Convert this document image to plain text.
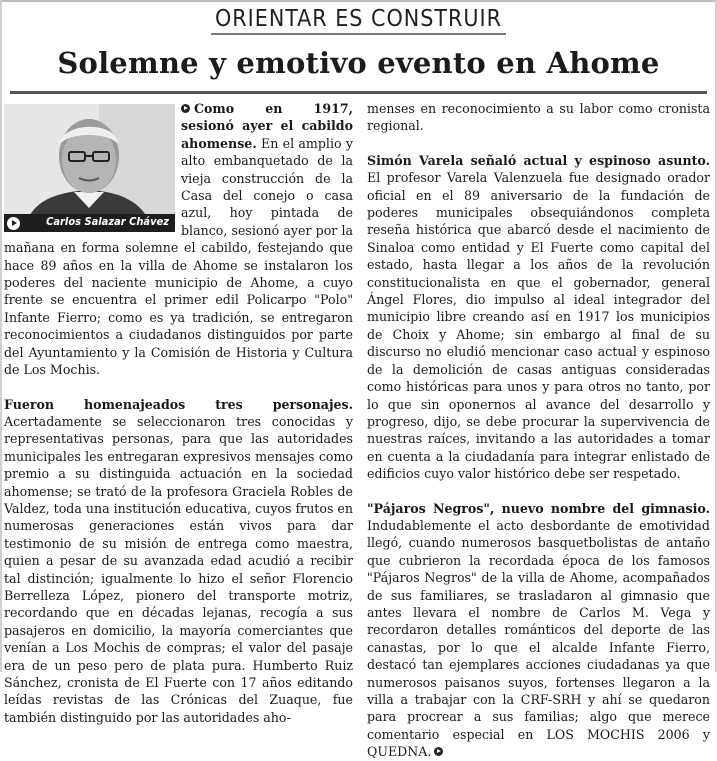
ORIENTAR ES CONSTRUIR
Solemne y emotivo evento en Ahome
Carlos Salazar Chávez

Como en 1917, sesionó ayer el cabildo ahomense. En el amplio y alto embanquetado de la vieja construcción de la Casa del conejo o casa azul, hoy pintada de blanco, sesionó ayer por la mañana en forma solemne el cabildo, festejando que hace 89 años en la villa de Ahome se instalaron los poderes del naciente municipio de Ahome, a cuyo frente se encuentra el primer edil Policarpo "Polo" Infante Fierro; como es ya tradición, se entregaron reconocimientos a ciudadanos distinguidos por parte del Ayuntamiento y la Comisión de Historia y Cultura de Los Mochis.

Fueron homenajeados tres personajes. Acertadamente se seleccionaron tres conocidas y representativas personas, para que las autoridades municipales les entregaran expresivos mensajes como premio a su distinguida actuación en la sociedad ahomense; se trató de la profesora Graciela Robles de Valdez, toda una institución educativa, cuyos frutos en numerosas generaciones están vivos para dar testimonio de su misión de entrega como maestra, quien a pesar de su avanzada edad acudió a recibir tal distinción; igualmente lo hizo el señor Florencio Berrelleza López, pionero del transporte motriz, recordando que en décadas lejanas, recogía a sus pasajeros en domicilio, la mayoría comerciantes que venían a Los Mochis de compras; el valor del pasaje era de un peso pero de plata pura. Humberto Ruiz Sánchez, cronista de El Fuerte con 17 años editando leídas revistas de las Crónicas del Zuaque, fue también distinguido por las autoridades aho-

menses en reconocimiento a su labor como cronista regional.

Simón Varela señaló actual y espinoso asunto. El profesor Varela Valenzuela fue designado orador oficial en el 89 aniversario de la fundación de poderes municipales obsequiándonos completa reseña histórica que abarcó desde el nacimiento de Sinaloa como entidad y El Fuerte como capital del estado, hasta llegar a los años de la revolución constitucionalista en que el gobernador, general Ángel Flores, dio impulso al ideal integrador del municipio libre creando así en 1917 los municipios de Choix y Ahome; sin embargo al final de su discurso no eludió mencionar caso actual y espinoso de la demolición de casas antiguas consideradas como históricas para unos y para otros no tanto, por lo que sin oponernos al avance del desarrollo y progreso, dijo, se debe procurar la supervivencia de nuestras raíces, invitando a las autoridades a tomar en cuenta a la ciudadanía para integrar enlistado de edificios cuyo valor histórico debe ser respetado.

"Pájaros Negros", nuevo nombre del gimnasio. Indudablemente el acto desbordante de emotividad llegó, cuando numerosos basquetbolistas de antaño que cubrieron la recordada época de los famosos "Pájaros Negros" de la villa de Ahome, acompañados de sus familiares, se trasladaron al gimnasio que antes llevara el nombre de Carlos M. Vega y recordaron detalles románticos del deporte de las canastas, por lo que el alcalde Infante Fierro, destacó tan ejemplares acciones ciudadanas ya que numerosos paisanos suyos, fortenses llegaron a la villa a trabajar con la CRF-SRH y ahí se quedaron para procrear a sus familias; algo que merece comentario especial en LOS MOCHIS 2006 y QUEDNA.
